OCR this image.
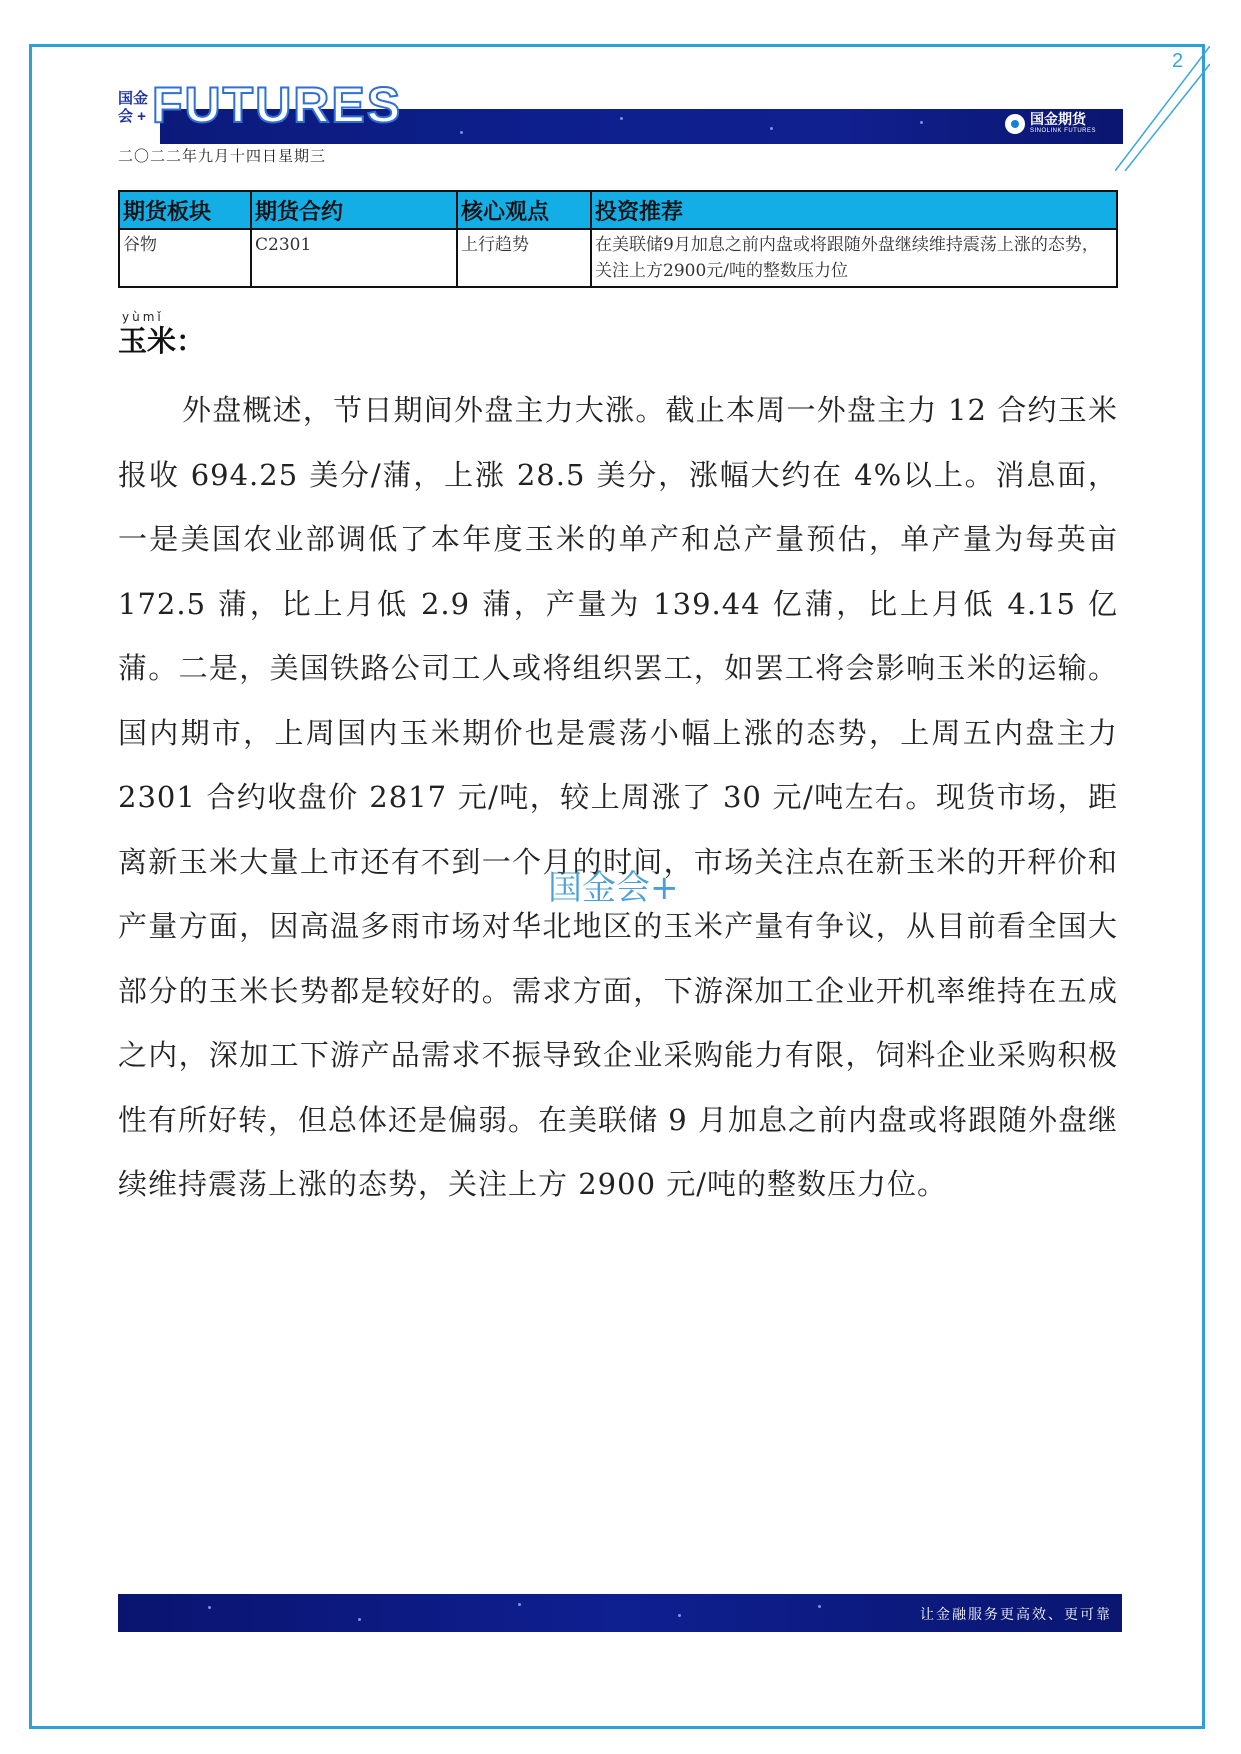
2
国金
会 + FUTURES	国金期货
SINOLINK FUTURES
二〇二二年九月十四日星期三
期货板块	期货合约	核心观点	投资推荐
谷物	C2301	上行趋势	在美联储9月加息之前内盘或将跟随外盘继续维持震荡上涨的态势，关注上方2900元/吨的整数压力位
yùmǐ
玉米：

外盘概述，节日期间外盘主力大涨。截止本周一外盘主力 12 合约玉米报收 694.25 美分/蒲，上涨 28.5 美分，涨幅大约在 4%以上。消息面，一是美国农业部调低了本年度玉米的单产和总产量预估，单产量为每英亩 172.5 蒲，比上月低 2.9 蒲，产量为 139.44 亿蒲，比上月低 4.15 亿蒲。二是，美国铁路公司工人或将组织罢工，如罢工将会影响玉米的运输。国内期市，上周国内玉米期价也是震荡小幅上涨的态势，上周五内盘主力 2301 合约收盘价 2817 元/吨，较上周涨了 30 元/吨左右。现货市场，距离新玉米大量上市还有不到一个月的时间，市场关注点在新玉米的开秤价和产量方面，因高温多雨市场对华北地区的玉米产量有争议，从目前看全国大部分的玉米长势都是较好的。需求方面，下游深加工企业开机率维持在五成之内，深加工下游产品需求不振导致企业采购能力有限，饲料企业采购积极性有所好转，但总体还是偏弱。在美联储 9 月加息之前内盘或将跟随外盘继续维持震荡上涨的态势，关注上方 2900 元/吨的整数压力位。

国金会+
让金融服务更高效、更可靠
